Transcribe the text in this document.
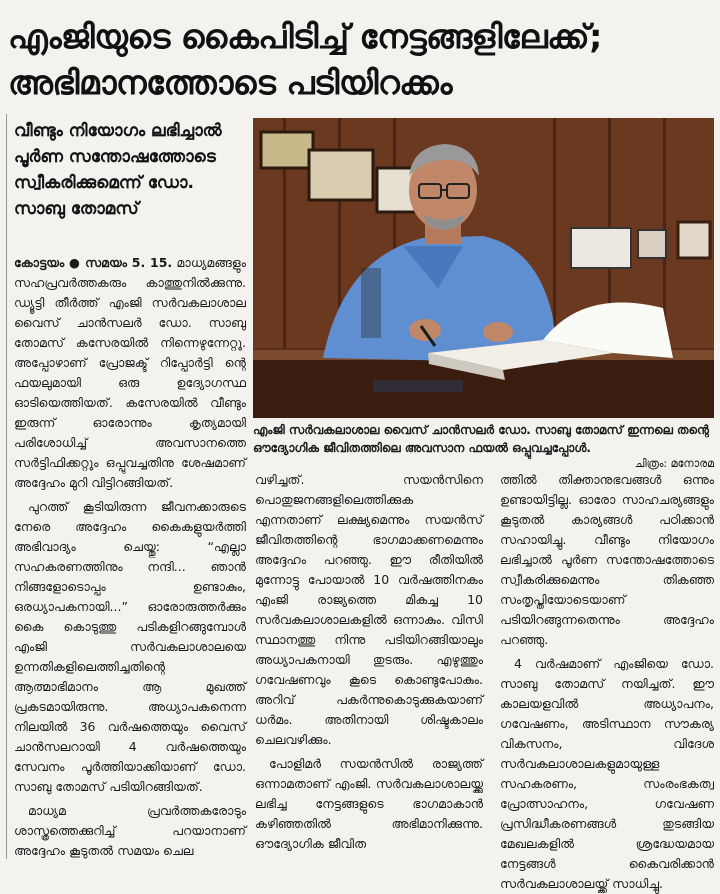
എംജിയുടെ കൈപിടിച്ച് നേട്ടങ്ങളിലേക്ക്;
അഭിമാനത്തോടെ പടിയിറക്കം
വീണ്ടും നിയോഗം ലഭിച്ചാൽ പൂർണ സന്തോഷത്തോടെ സ്വീകരിക്കുമെന്ന് ഡോ. സാബു തോമസ്
എംജി സർവകലാശാല വൈസ് ചാൻസലർ ഡോ. സാബു തോമസ് ഇന്നലെ തന്റെ ഔദ്യോഗിക ജീവിതത്തിലെ അവസാന ഫയൽ ഒപ്പുവച്ചപ്പോൾ.
ചിത്രം: മനോരമ

കോട്ടയം ● സമയം 5. 15. മാധ്യമങ്ങളും സഹപ്രവർത്തകരും കാത്തുനിൽക്കുന്നു. ഡ്യൂട്ടി തീർത്ത് എംജി സർവകലാശാല വൈസ് ചാൻസലർ ഡോ. സാബു തോമസ് കസേരയിൽ നിന്നെഴുന്നേറ്റു. അപ്പോഴാണ് പ്രോജക്ട് റിപ്പോർട്ടി ന്റെ ഫയലുമായി ഒരു ഉദ്യോഗസ്ഥ ഓടിയെത്തിയത്. കസേരയിൽ വീണ്ടും ഇരുന്ന് ഓരോന്നും കൃത്യമായി പരിശോധിച്ച് അവസാനത്തെ സർട്ടിഫിക്കറ്റും ഒപ്പുവച്ചതിനു ശേഷമാണ് അദ്ദേഹം മുറി വിട്ടിറങ്ങിയത്.

പുറത്ത് കൂടിയിരുന്ന ജീവനക്കാരുടെ നേരെ അദ്ദേഹം കൈകളുയർത്തി അഭിവാദ്യം ചെയ്തു: “എല്ലാ സഹകരണത്തിനും നന്ദി... ഞാൻ നിങ്ങളോടൊപ്പം ഉണ്ടാകും, ഒരധ്യാപകനായി...” ഓരോരുത്തർക്കും കൈ കൊടുത്തു പടികളിറങ്ങുമ്പോൾ എംജി സർവകലാശാലയെ ഉന്നതികളിലെത്തിച്ചതിന്റെ ആത്മാഭിമാനം ആ മുഖത്ത് പ്രകടമായിരുന്നു. അധ്യാപകനെന്ന നിലയിൽ 36 വർഷത്തെയും വൈസ് ചാൻസലറായി 4 വർഷത്തെയും സേവനം പൂർത്തിയാക്കിയാണ് ഡോ. സാബു തോമസ് പടിയിറങ്ങിയത്.

മാധ്യമ പ്രവർത്തകരോടും ശാസ്ത്രത്തെക്കുറിച്ച് പറയാനാണ് അദ്ദേഹം കൂടുതൽ സമയം ചെല

വഴിച്ചത്. സയൻസിനെ പൊതുജനങ്ങളിലെത്തിക്കുക എന്നതാണ് ലക്ഷ്യമെന്നും സയൻസ് ജീവിതത്തിന്റെ ഭാഗമാക്കണമെന്നും അദ്ദേഹം പറഞ്ഞു. ഈ രീതിയിൽ മുന്നോട്ടു പോയാൽ 10 വർഷത്തിനകം എംജി രാജ്യത്തെ മികച്ച 10 സർവകലാശാലകളിൽ ഒന്നാകും. വിസി സ്ഥാനത്തു നിന്നു പടിയിറങ്ങിയാലും അധ്യാപകനായി തുടരും. എഴുത്തും ഗവേഷണവും കൂടെ കൊണ്ടുപോകും. അറിവ് പകർന്നുകൊടുക്കുകയാണ് ധർമം. അതിനായി ശിഷ്ടകാലം ചെലവഴിക്കും.

പോളിമർ സയൻസിൽ രാജ്യത്ത് ഒന്നാമതാണ് എംജി. സർവകലാശാലയ്ക്കു ലഭിച്ച നേട്ടങ്ങളുടെ ഭാഗമാകാൻ കഴിഞ്ഞതിൽ അഭിമാനിക്കുന്നു. ഔദ്യോഗിക ജീവിത

ത്തിൽ തിക്താനുഭവങ്ങൾ ഒന്നും ഉണ്ടായിട്ടില്ല. ഓരോ സാഹചര്യങ്ങളും കൂടുതൽ കാര്യങ്ങൾ പഠിക്കാൻ സഹായിച്ചു. വീണ്ടും നിയോഗം ലഭിച്ചാൽ പൂർണ സന്തോഷത്തോടെ സ്വീകരിക്കുമെന്നും തികഞ്ഞ സംതൃപ്തിയോടെയാണ് പടിയിറങ്ങുന്നതെന്നും അദ്ദേഹം പറഞ്ഞു.

4 വർഷമാണ് എംജിയെ ഡോ. സാബു തോമസ് നയിച്ചത്. ഈ കാലയളവിൽ അധ്യാപനം, ഗവേഷണം, അടിസ്ഥാന സൗകര്യ വികസനം, വിദേശ സർവകലാശാലകളുമായുള്ള സഹകരണം, സംരംഭകത്വ പ്രോത്സാഹനം, ഗവേഷണ പ്രസിദ്ധീകരണങ്ങൾ തുടങ്ങിയ മേഖലകളിൽ ശ്രദ്ധേയമായ നേട്ടങ്ങൾ കൈവരിക്കാൻ സർവകലാശാലയ്ക്ക് സാധിച്ചു.
